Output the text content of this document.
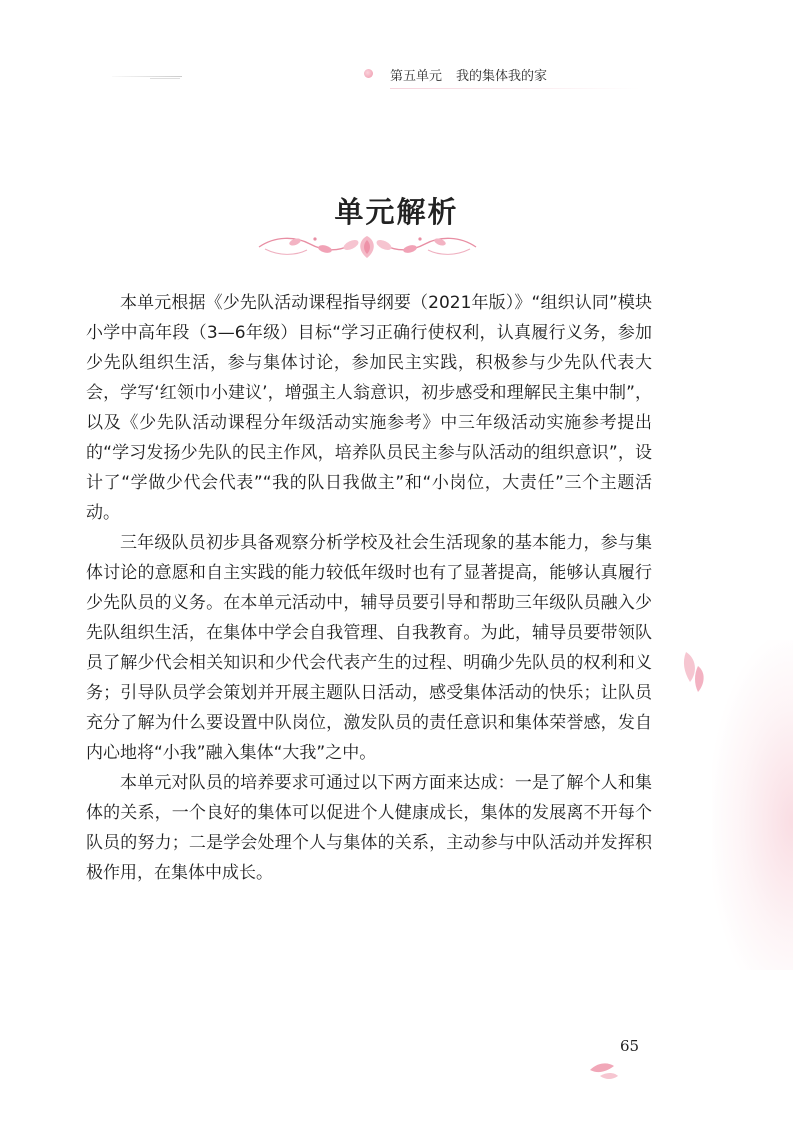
第五单元 我的集体我的家
单元解析

本单元根据《少先队活动课程指导纲要（2021年版）》“组织认同”模块小学中高年段（3—6年级）目标“学习正确行使权利，认真履行义务，参加少先队组织生活，参与集体讨论，参加民主实践，积极参与少先队代表大会，学写‘红领巾小建议’，增强主人翁意识，初步感受和理解民主集中制”，以及《少先队活动课程分年级活动实施参考》中三年级活动实施参考提出的“学习发扬少先队的民主作风，培养队员民主参与队活动的组织意识”，设计了“学做少代会代表”“我的队日我做主”和“小岗位，大责任”三个主题活动。

三年级队员初步具备观察分析学校及社会生活现象的基本能力，参与集体讨论的意愿和自主实践的能力较低年级时也有了显著提高，能够认真履行少先队员的义务。在本单元活动中，辅导员要引导和帮助三年级队员融入少先队组织生活，在集体中学会自我管理、自我教育。为此，辅导员要带领队员了解少代会相关知识和少代会代表产生的过程、明确少先队员的权利和义务；引导队员学会策划并开展主题队日活动，感受集体活动的快乐；让队员充分了解为什么要设置中队岗位，激发队员的责任意识和集体荣誉感，发自内心地将“小我”融入集体“大我”之中。

本单元对队员的培养要求可通过以下两方面来达成：一是了解个人和集体的关系，一个良好的集体可以促进个人健康成长，集体的发展离不开每个队员的努力；二是学会处理个人与集体的关系，主动参与中队活动并发挥积极作用，在集体中成长。

65
